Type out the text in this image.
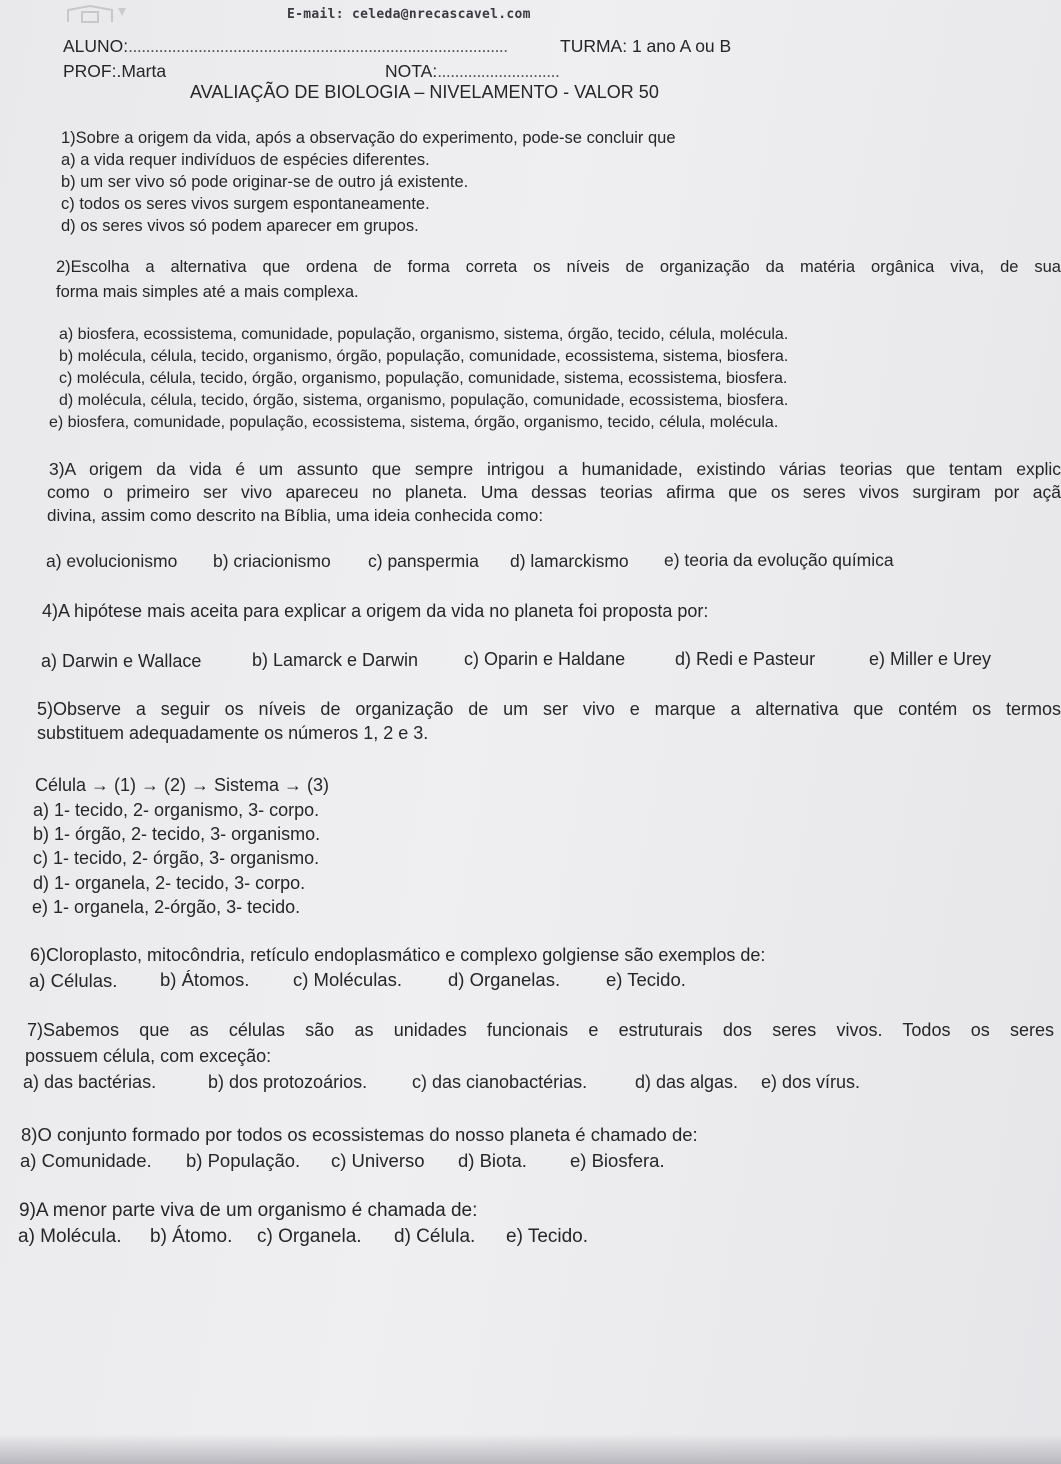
E-mail: celeda@nrecascavel.com
ALUNO:.......................................................................................	TURMA: 1 ano A ou B
PROF:.Marta	NOTA:............................
AVALIAÇÃO DE BIOLOGIA – NIVELAMENTO - VALOR 50
1)Sobre a origem da vida, após a observação do experimento, pode-se concluir que
a) a vida requer indivíduos de espécies diferentes.
b) um ser vivo só pode originar-se de outro já existente.
c) todos os seres vivos surgem espontaneamente.
d) os seres vivos só podem aparecer em grupos.
2)Escolha a alternativa que ordena de forma correta os níveis de organização da matéria orgânica viva, de sua
forma mais simples até a mais complexa.
a) biosfera, ecossistema, comunidade, população, organismo, sistema, órgão, tecido, célula, molécula.
b) molécula, célula, tecido, organismo, órgão, população, comunidade, ecossistema, sistema, biosfera.
c) molécula, célula, tecido, órgão, organismo, população, comunidade, sistema, ecossistema, biosfera.
d) molécula, célula, tecido, órgão, sistema, organismo, população, comunidade, ecossistema, biosfera.
e) biosfera, comunidade, população, ecossistema, sistema, órgão, organismo, tecido, célula, molécula.
3)A origem da vida é um assunto que sempre intrigou a humanidade, existindo várias teorias que tentam explic
como o primeiro ser vivo apareceu no planeta. Uma dessas teorias afirma que os seres vivos surgiram por açã
divina, assim como descrito na Bíblia, uma ideia conhecida como:
a) evolucionismo b) criacionismo c) panspermia d) lamarckismo e) teoria da evolução química
4)A hipótese mais aceita para explicar a origem da vida no planeta foi proposta por:
a) Darwin e Wallace	b) Lamarck e Darwin	c) Oparin e Haldane	d) Redi e Pasteur	e) Miller e Urey
5)Observe a seguir os níveis de organização de um ser vivo e marque a alternativa que contém os termos
substituem adequadamente os números 1, 2 e 3.
Célula → (1) → (2) → Sistema → (3)
a) 1- tecido, 2- organismo, 3- corpo.
b) 1- órgão, 2- tecido, 3- organismo.
c) 1- tecido, 2- órgão, 3- organismo.
d) 1- organela, 2- tecido, 3- corpo.
e) 1- organela, 2-órgão, 3- tecido.
6)Cloroplasto, mitocôndria, retículo endoplasmático e complexo golgiense são exemplos de:
a) Células. b) Átomos. c) Moléculas. d) Organelas. e) Tecido.
7)Sabemos que as células são as unidades funcionais e estruturais dos seres vivos. Todos os seres
possuem célula, com exceção:
a) das bactérias.	b) dos protozoários. c) das cianobactérias.	d) das algas. e) dos vírus.
8)O conjunto formado por todos os ecossistemas do nosso planeta é chamado de:
a) Comunidade. b) População. c) Universo d) Biota. e) Biosfera.
9)A menor parte viva de um organismo é chamada de:
a) Molécula. b) Átomo. c) Organela. d) Célula. e) Tecido.
